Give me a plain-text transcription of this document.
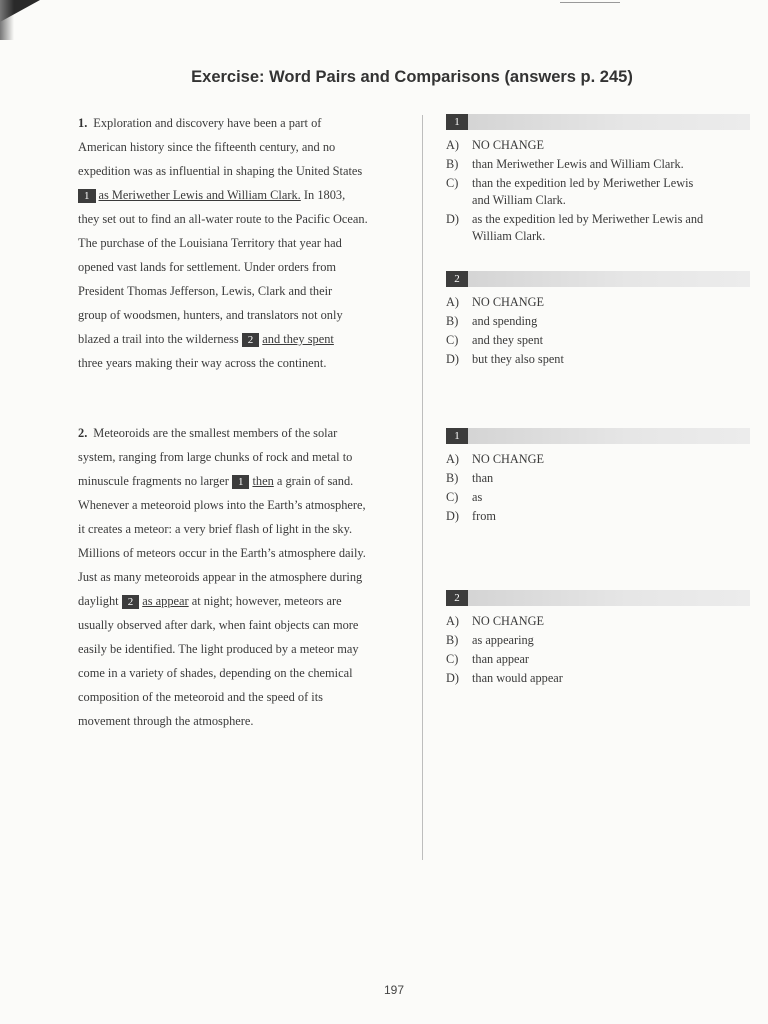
Exercise: Word Pairs and Comparisons (answers p. 245)
1. Exploration and discovery have been a part of
American history since the fifteenth century, and no
expedition was as influential in shaping the United States
1 as Meriwether Lewis and William Clark. In 1803,
they set out to find an all-water route to the Pacific Ocean.
The purchase of the Louisiana Territory that year had
opened vast lands for settlement. Under orders from
President Thomas Jefferson, Lewis, Clark and their
group of woodsmen, hunters, and translators not only
blazed a trail into the wilderness 2 and they spent
three years making their way across the continent.
2. Meteoroids are the smallest members of the solar
system, ranging from large chunks of rock and metal to
minuscule fragments no larger 1 then a grain of sand.
Whenever a meteoroid plows into the Earth’s atmosphere,
it creates a meteor: a very brief flash of light in the sky.
Millions of meteors occur in the Earth’s atmosphere daily.
Just as many meteoroids appear in the atmosphere during
daylight 2 as appear at night; however, meteors are
usually observed after dark, when faint objects can more
easily be identified. The light produced by a meteor may
come in a variety of shades, depending on the chemical
composition of the meteoroid and the speed of its
movement through the atmosphere.
1
A)	NO CHANGE
B)	than Meriwether Lewis and William Clark.
C)	than the expedition led by Meriwether Lewis and William Clark.
D)	as the expedition led by Meriwether Lewis and William Clark.
2
A)	NO CHANGE
B)	and spending
C)	and they spent
D)	but they also spent
1
A)	NO CHANGE
B)	than
C)	as
D)	from
2
A)	NO CHANGE
B)	as appearing
C)	than appear
D)	than would appear
197
